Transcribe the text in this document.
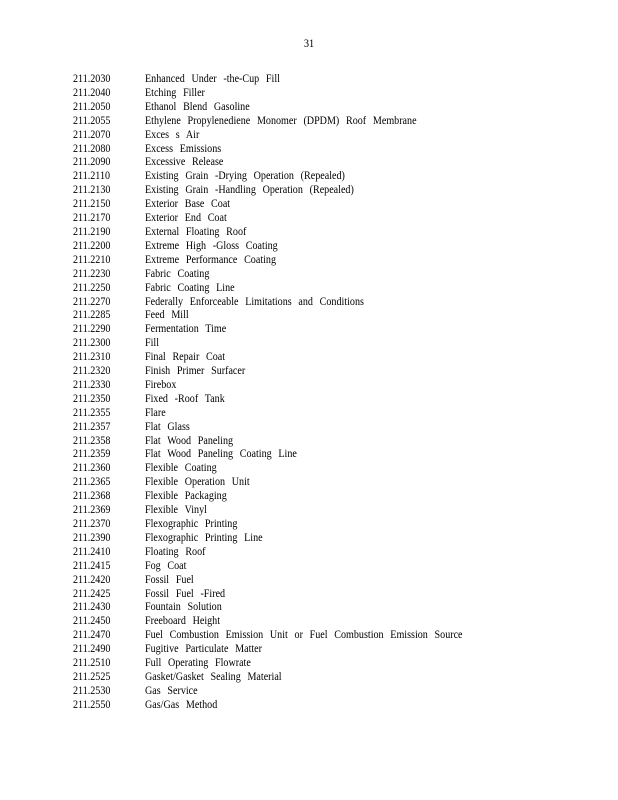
31
211.2030	Enhanced Under -the-Cup Fill
211.2040	Etching Filler
211.2050	Ethanol Blend Gasoline
211.2055	Ethylene Propylenediene Monomer (DPDM) Roof Membrane
211.2070	Exces s Air
211.2080	Excess Emissions
211.2090	Excessive Release
211.2110	Existing Grain -Drying Operation (Repealed)
211.2130	Existing Grain -Handling Operation (Repealed)
211.2150	Exterior Base Coat
211.2170	Exterior End Coat
211.2190	External Floating Roof
211.2200	Extreme High -Gloss Coating
211.2210	Extreme Performance Coating
211.2230	Fabric Coating
211.2250	Fabric Coating Line
211.2270	Federally Enforceable Limitations and Conditions
211.2285	Feed Mill
211.2290	Fermentation Time
211.2300	Fill
211.2310	Final Repair Coat
211.2320	Finish Primer Surfacer
211.2330	Firebox
211.2350	Fixed -Roof Tank
211.2355	Flare
211.2357	Flat Glass
211.2358	Flat Wood Paneling
211.2359	Flat Wood Paneling Coating Line
211.2360	Flexible Coating
211.2365	Flexible Operation Unit
211.2368	Flexible Packaging
211.2369	Flexible Vinyl
211.2370	Flexographic Printing
211.2390	Flexographic Printing Line
211.2410	Floating Roof
211.2415	Fog Coat
211.2420	Fossil Fuel
211.2425	Fossil Fuel -Fired
211.2430	Fountain Solution
211.2450	Freeboard Height
211.2470	Fuel Combustion Emission Unit or Fuel Combustion Emission Source
211.2490	Fugitive Particulate Matter
211.2510	Full Operating Flowrate
211.2525	Gasket/Gasket Sealing Material
211.2530	Gas Service
211.2550	Gas/Gas Method
